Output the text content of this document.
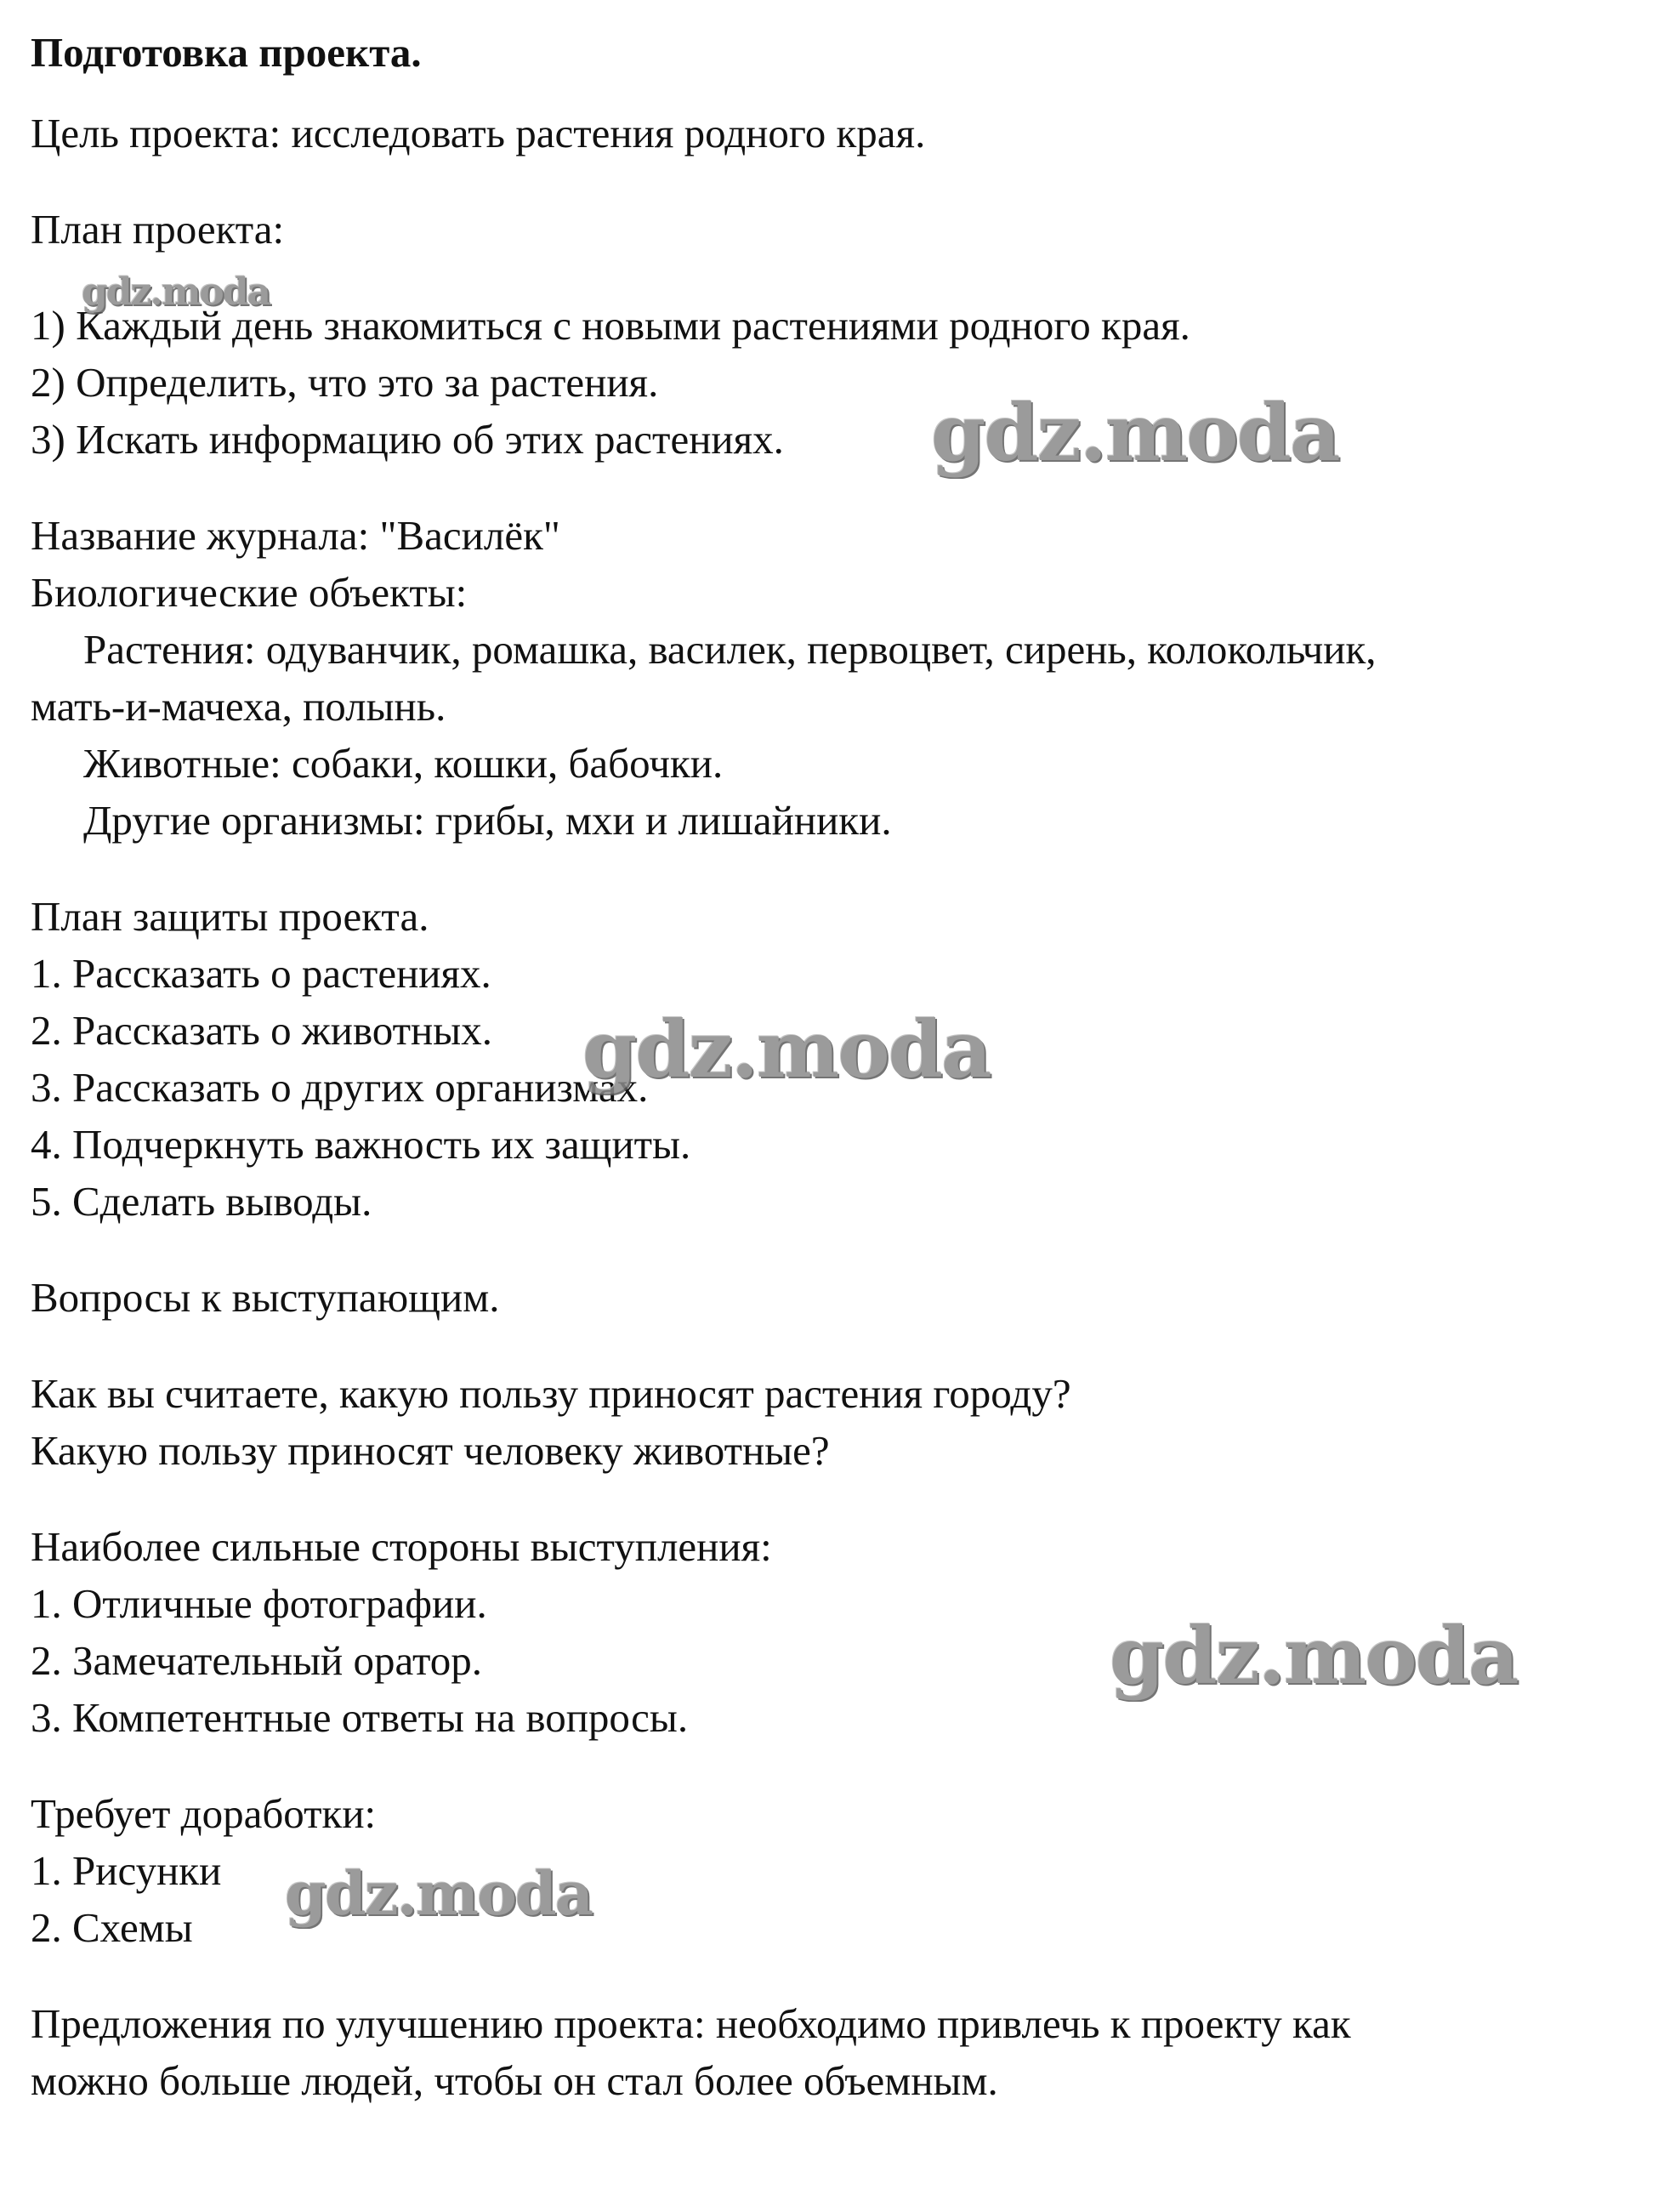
Подготовка проекта.
Цель проекта: исследовать растения родного края.
План проекта:
1) Каждый день знакомиться с новыми растениями родного края.
2) Определить, что это за растения.
3) Искать информацию об этих растениях.
Название журнала: "Василёк"
Биологические объекты:
Растения: одуванчик, ромашка, василек, первоцвет, сирень, колокольчик,
мать-и-мачеха, полынь.
Животные: собаки, кошки, бабочки.
Другие организмы: грибы, мхи и лишайники.
План защиты проекта.
1. Рассказать о растениях.
2. Рассказать о животных.
3. Рассказать о других организмах.
4. Подчеркнуть важность их защиты.
5. Сделать выводы.
Вопросы к выступающим.
Как вы считаете, какую пользу приносят растения городу?
Какую пользу приносят человеку животные?
Наиболее сильные стороны выступления:
1. Отличные фотографии.
2. Замечательный оратор.
3. Компетентные ответы на вопросы.
Требует доработки:
1. Рисунки
2. Схемы
Предложения по улучшению проекта: необходимо привлечь к проекту как
можно больше людей, чтобы он стал более объемным.
gdz.moda
gdz.moda
gdz.moda
gdz.moda
gdz.moda
